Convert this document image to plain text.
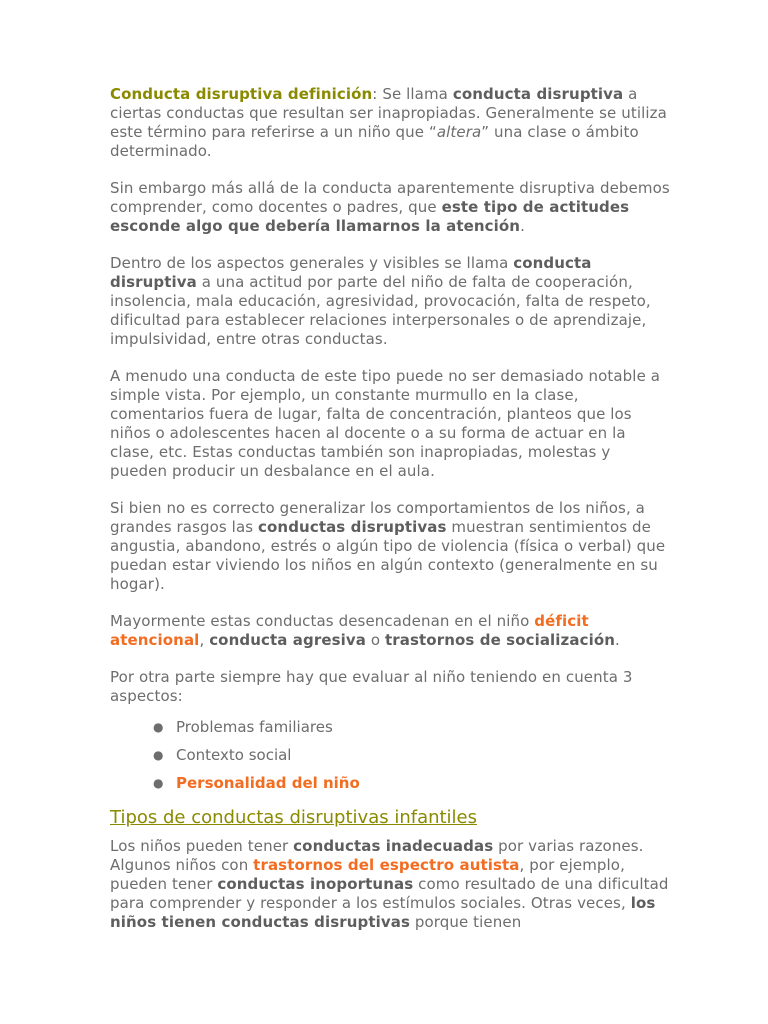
Conducta disruptiva definición: Se llama conducta disruptiva a ciertas conductas que resultan ser inapropiadas. Generalmente se utiliza este término para referirse a un niño que “altera” una clase o ámbito determinado.

Sin embargo más allá de la conducta aparentemente disruptiva debemos comprender, como docentes o padres, que este tipo de actitudes esconde algo que debería llamarnos la atención.

Dentro de los aspectos generales y visibles se llama conducta disruptiva a una actitud por parte del niño de falta de cooperación, insolencia, mala educación, agresividad, provocación, falta de respeto, dificultad para establecer relaciones interpersonales o de aprendizaje, impulsividad, entre otras conductas.

A menudo una conducta de este tipo puede no ser demasiado notable a simple vista. Por ejemplo, un constante murmullo en la clase, comentarios fuera de lugar, falta de concentración, planteos que los niños o adolescentes hacen al docente o a su forma de actuar en la clase, etc. Estas conductas también son inapropiadas, molestas y pueden producir un desbalance en el aula.

Si bien no es correcto generalizar los comportamientos de los niños, a grandes rasgos las conductas disruptivas muestran sentimientos de angustia, abandono, estrés o algún tipo de violencia (física o verbal) que puedan estar viviendo los niños en algún contexto (generalmente en su hogar).

Mayormente estas conductas desencadenan en el niño déficit atencional, conducta agresiva o trastornos de socialización.

Por otra parte siempre hay que evaluar al niño teniendo en cuenta 3 aspectos:

● Problemas familiares
● Contexto social
● Personalidad del niño
Tipos de conductas disruptivas infantiles

Los niños pueden tener conductas inadecuadas por varias razones. Algunos niños con trastornos del espectro autista, por ejemplo, pueden tener conductas inoportunas como resultado de una dificultad para comprender y responder a los estímulos sociales. Otras veces, los niños tienen conductas disruptivas porque tienen
